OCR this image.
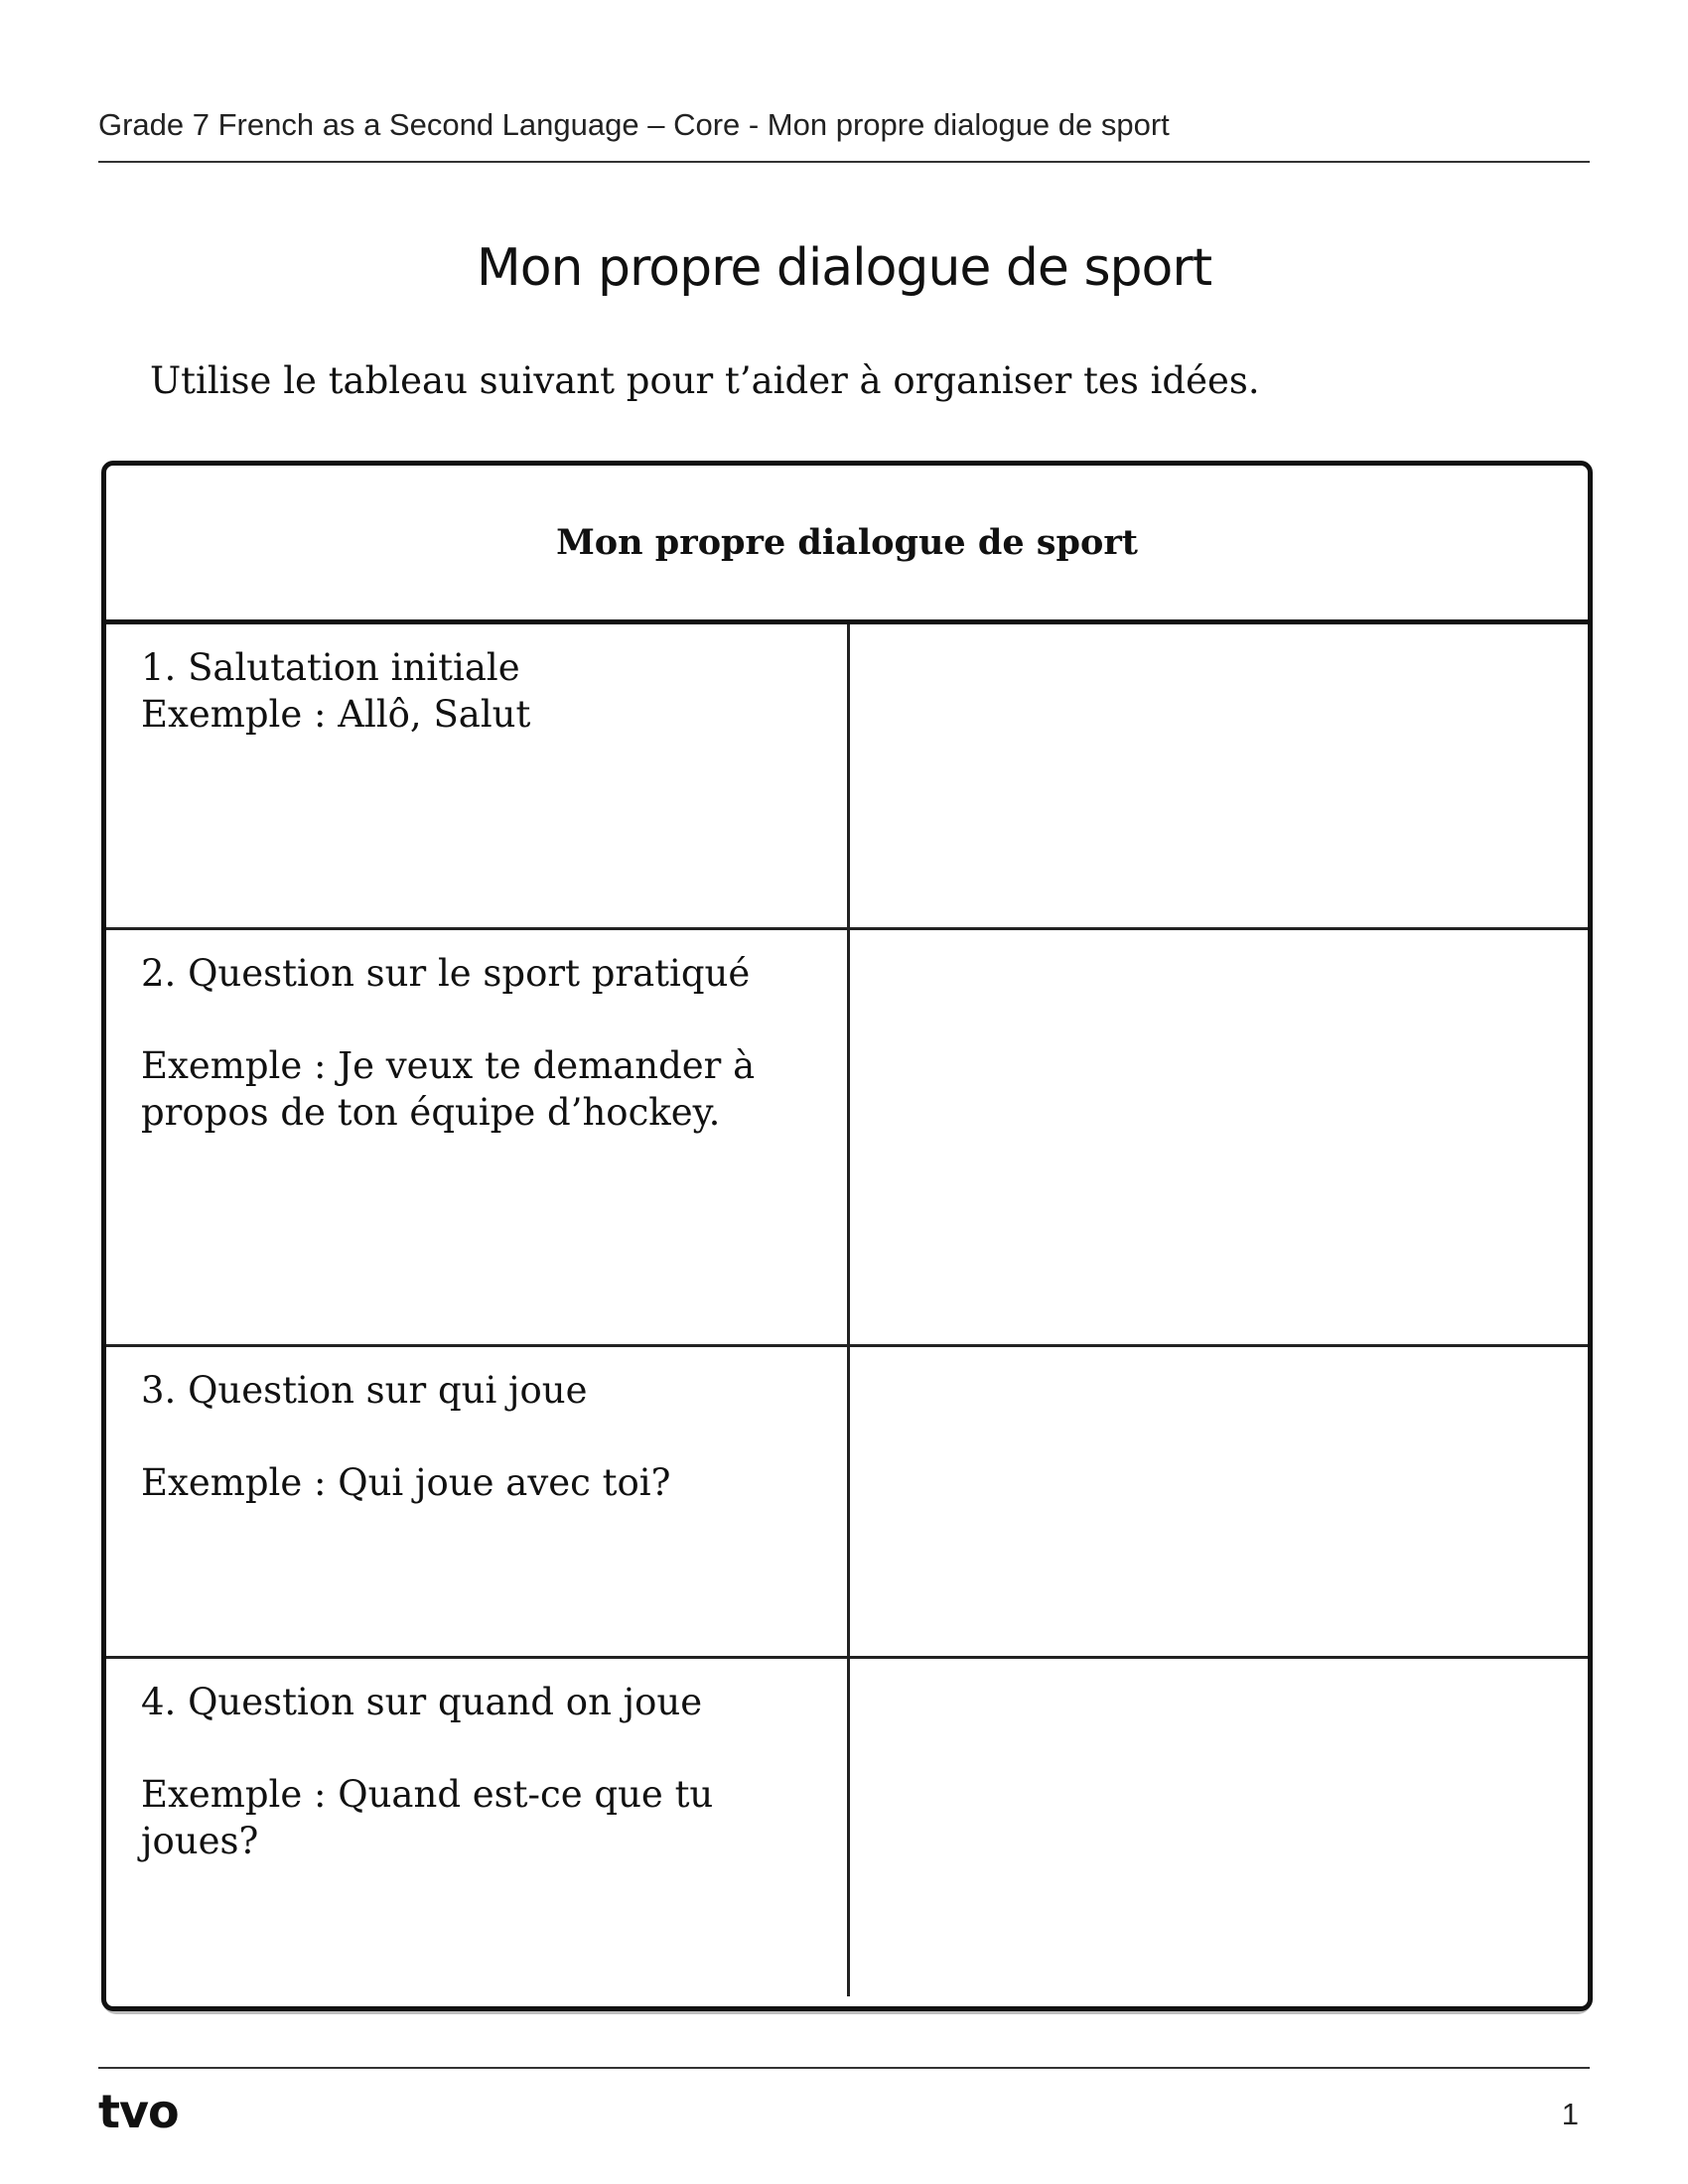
Grade 7 French as a Second Language – Core - Mon propre dialogue de sport
Mon propre dialogue de sport
Utilise le tableau suivant pour t’aider à organiser tes idées.
Mon propre dialogue de sport

1. Salutation initiale

Exemple : Allô, Salut

2. Question sur le sport pratiqué

Exemple : Je veux te demander à

propos de ton équipe d’hockey.

3. Question sur qui joue

Exemple : Qui joue avec toi?

4. Question sur quand on joue

Exemple : Quand est-ce que tu

joues?

tvo	1
